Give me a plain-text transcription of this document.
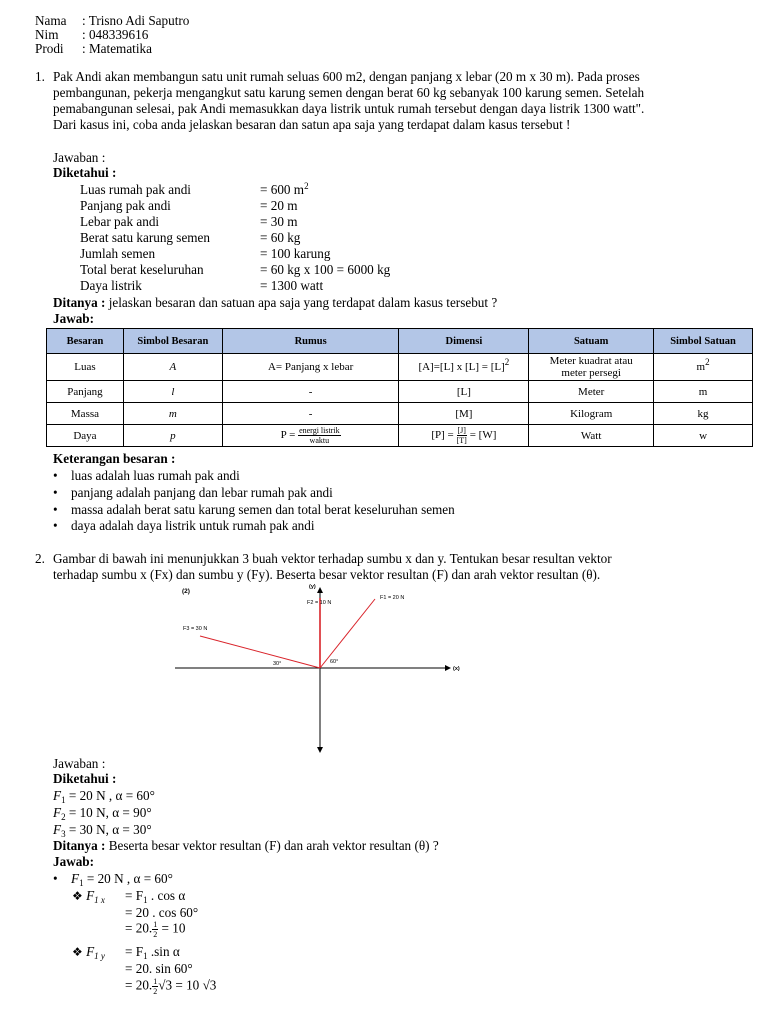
Nama : Trisno Adi Saputro
Nim : 048339616
Prodi : Matematika
1. Pak Andi akan membangun satu unit rumah seluas 600 m2, dengan panjang x lebar (20 m x 30 m). Pada proses
pembangunan, pekerja mengangkut satu karung semen dengan berat 60 kg sebanyak 100 karung semen. Setelah
pemabangunan selesai, pak Andi memasukkan daya listrik untuk rumah tersebut dengan daya listrik 1300 watt".
Dari kasus ini, coba anda jelaskan besaran dan satun apa saja yang terdapat dalam kasus tersebut !
Jawaban :
Diketahui :
Luas rumah pak andi	= 600 $m^2$
Panjang pak andi	= 20 m
Lebar pak andi	= 30 m
Berat satu karung semen	= 60 kg
Jumlah semen	= 100 karung
Total berat keseluruhan	= 60 kg x 100 = 6000 kg
Daya listrik	= 1300 watt
Ditanya : jelaskan besaran dan satuan apa saja yang terdapat dalam kasus tersebut ?
Jawab:
Besaran	Simbol Besaran	Rumus	Dimensi	Satuam	Simbol Satuan
Luas	A	A= Panjang x lebar	[A]=[L] x $[L] = [L]^2$	Meter kuadrat atau meter persegi	$m^2$
Panjang	l	-	[L]	Meter	m
Massa	m	-	[M]	Kilogram	kg
Daya	p	$P = \frac{\text{energi listrik}}{\text{waktu}}$	$[P] = \frac{[J]}{[T]} = [W]$	Watt	w
Keterangan besaran :
• luas adalah luas rumah pak andi
• panjang adalah panjang dan lebar rumah pak andi
• massa adalah berat satu karung semen dan total berat keseluruhan semen
• daya adalah daya listrik untuk rumah pak andi
2. Gambar di bawah ini menunjukkan 3 buah vektor terhadap sumbu x dan y. Tentukan besar resultan vektor
terhadap sumbu x (Fx) dan sumbu y (Fy). Beserta besar vektor resultan (F) dan arah vektor resultan (θ).
(2)
(y)
(x)
F1 = 20 N
F2 = 10 N
F3 = 30 N
30°	60°
Jawaban :
Diketahui :
$F_1 = 20$ N , α = 60°
$F_2 = 10$ N, α = 90°
$F_3 = 30$ N, α = 30°
Ditanya : Beserta besar vektor resultan (F) dan arah vektor resultan (θ) ?
Jawab:
• $F_1 = 20$ N , α = 60°
❖ $F_{1 x} = F_1$ . cos α
= 20 . cos 60°
= 20. $\frac{1}{2} = 10$
❖ $F_{1 y} = F_1$ .sin α
= 20. sin 60°
= 20. $\frac{1}{2} √3 = 10$ √3
